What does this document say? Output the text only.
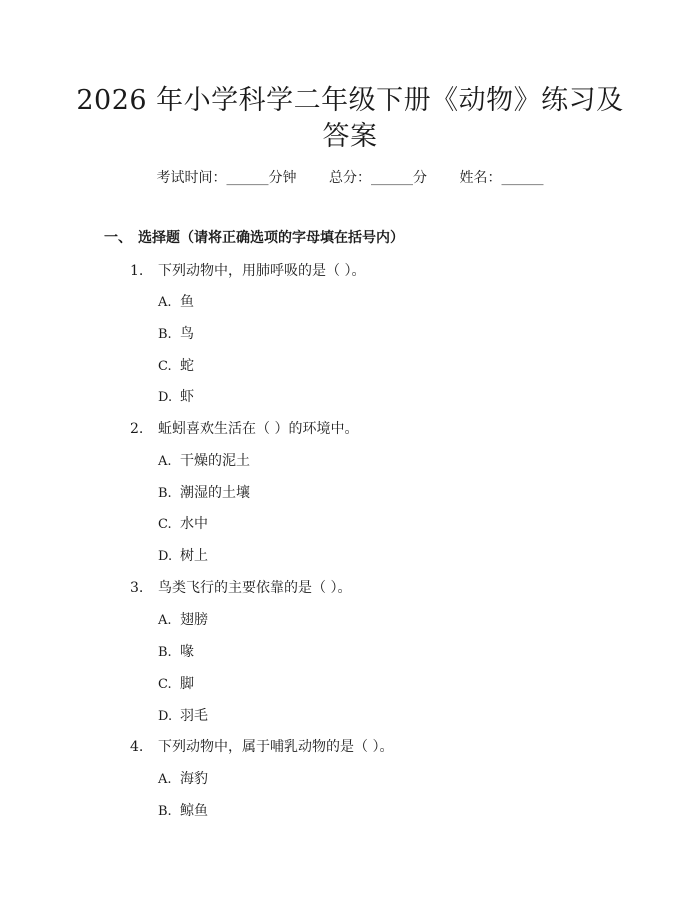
2026 年小学科学二年级下册《动物》练习及
答案
考试时间：______分钟 总分：______分 姓名：______
一、 选择题（请将正确选项的字母填在括号内）
1. 下列动物中，用肺呼吸的是（ ）。
A. 鱼
B. 鸟
C. 蛇
D. 虾
2. 蚯蚓喜欢生活在（ ）的环境中。
A. 干燥的泥土
B. 潮湿的土壤
C. 水中
D. 树上
3. 鸟类飞行的主要依靠的是（ ）。
A. 翅膀
B. 喙
C. 脚
D. 羽毛
4. 下列动物中，属于哺乳动物的是（ ）。
A. 海豹
B. 鲸鱼
